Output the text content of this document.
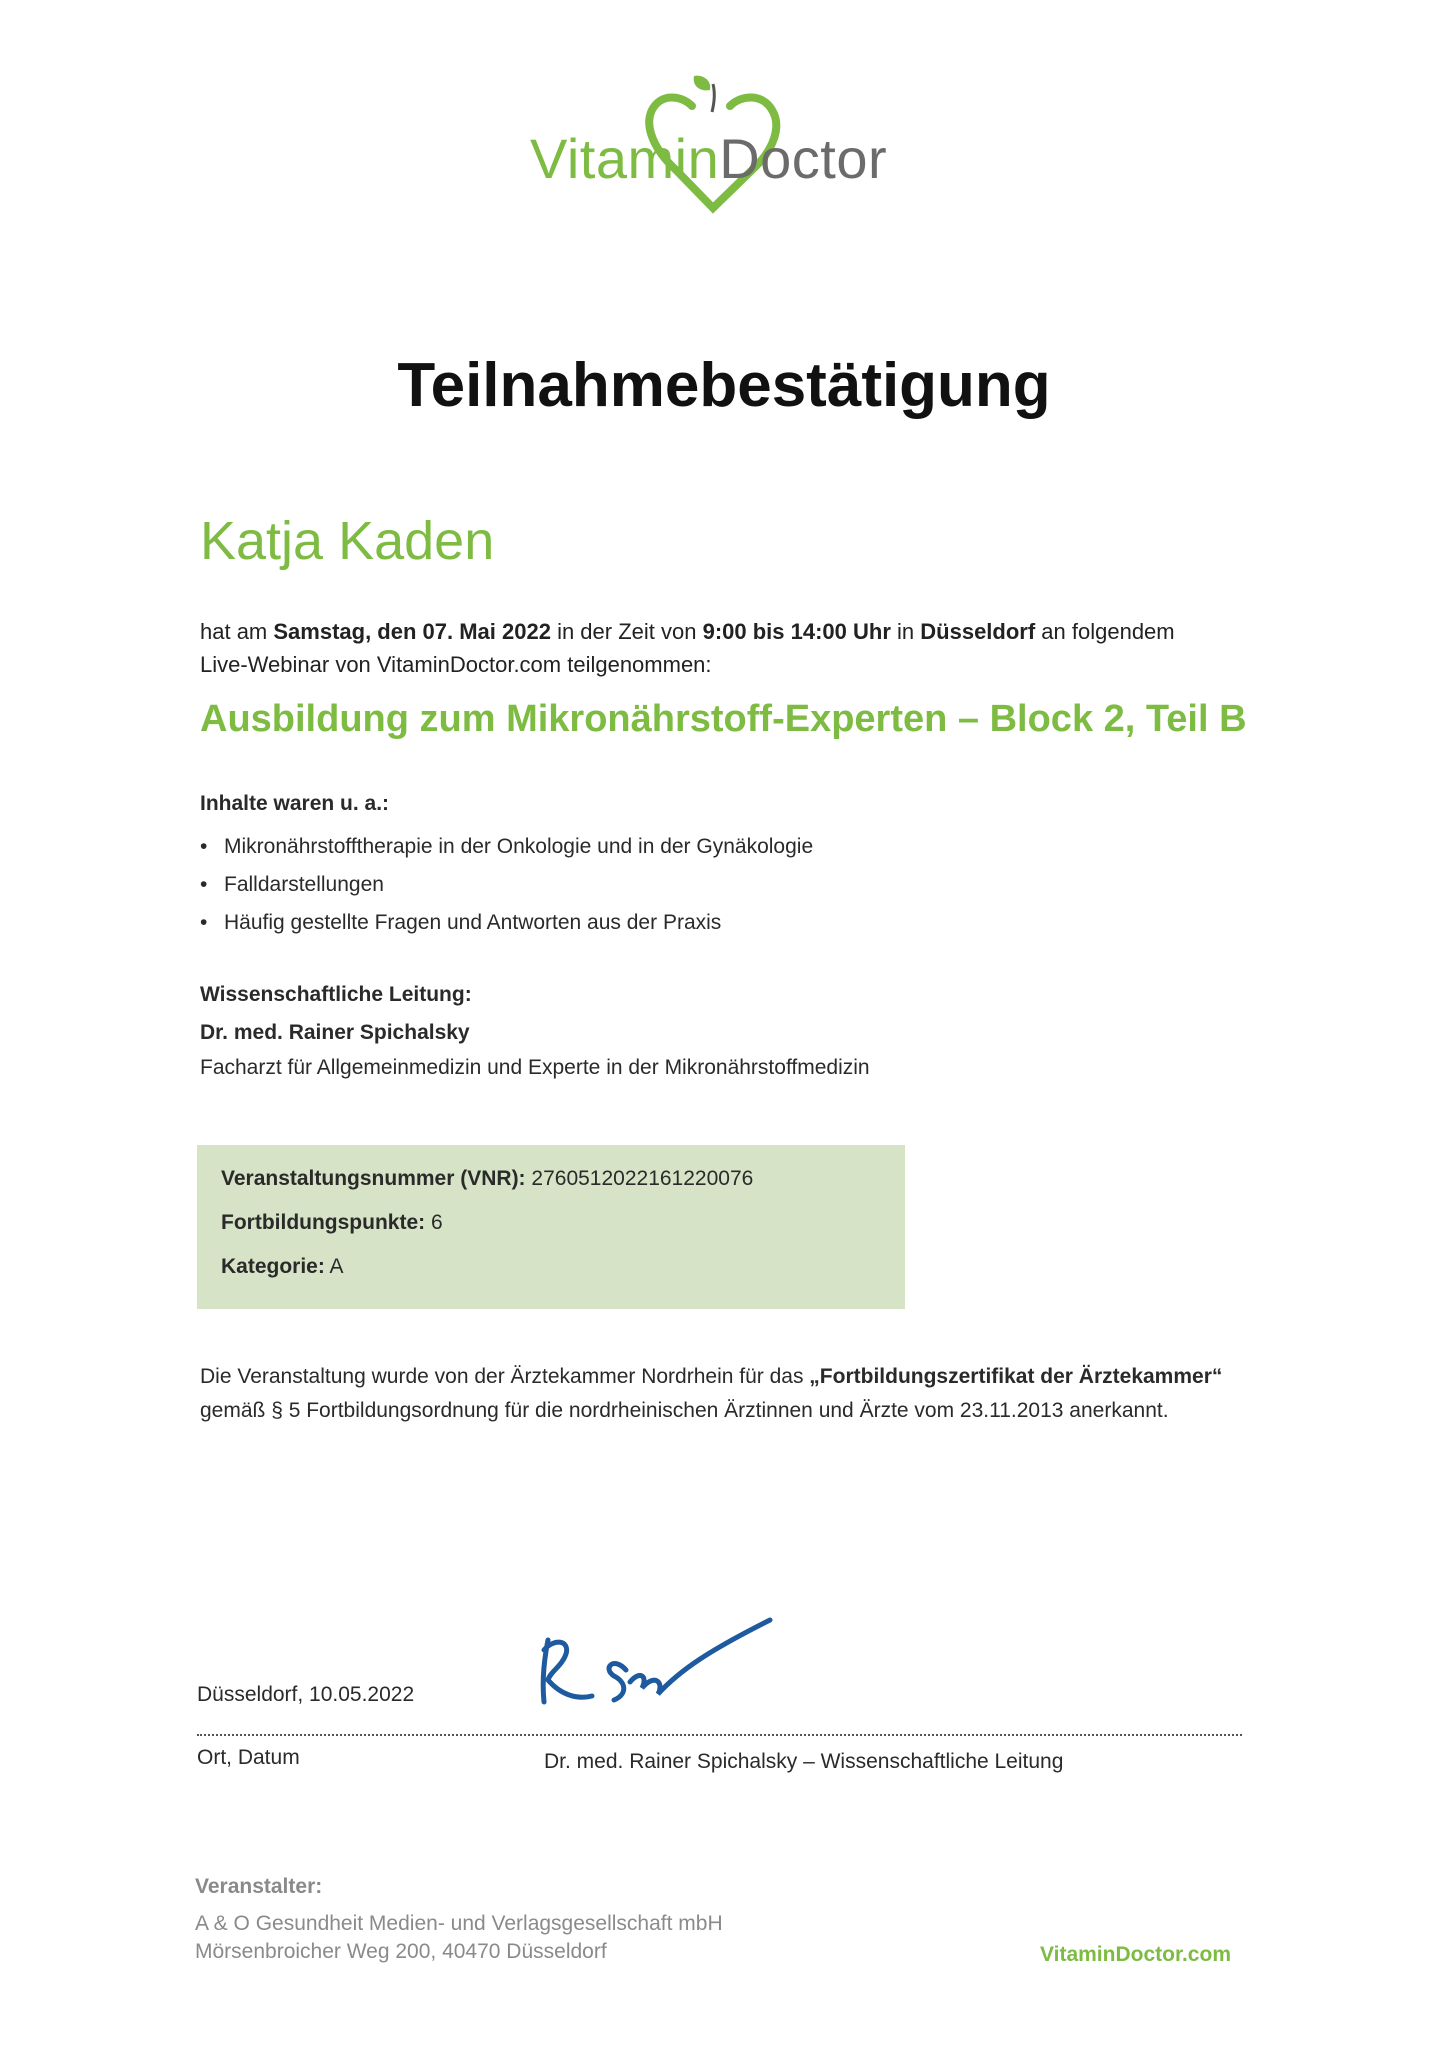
VitaminDoctor
Teilnahmebestätigung
Katja Kaden
hat am Samstag, den 07. Mai 2022 in der Zeit von 9:00 bis 14:00 Uhr in Düsseldorf an folgendem
Live-Webinar von VitaminDoctor.com teilgenommen:
Ausbildung zum Mikronährstoff-Experten – Block 2, Teil B
Inhalte waren u. a.:
• Mikronährstofftherapie in der Onkologie und in der Gynäkologie
• Falldarstellungen
• Häufig gestellte Fragen und Antworten aus der Praxis
Wissenschaftliche Leitung:
Dr. med. Rainer Spichalsky
Facharzt für Allgemeinmedizin und Experte in der Mikronährstoffmedizin
Veranstaltungsnummer (VNR): 2760512022161220076
Fortbildungspunkte: 6
Kategorie: A
Die Veranstaltung wurde von der Ärztekammer Nordrhein für das „Fortbildungszertifikat der Ärztekammer“
gemäß § 5 Fortbildungsordnung für die nordrheinischen Ärztinnen und Ärzte vom 23.11.2013 anerkannt.
Düsseldorf, 10.05.2022
Ort, Datum	Dr. med. Rainer Spichalsky – Wissenschaftliche Leitung
Veranstalter:
A & O Gesundheit Medien- und Verlagsgesellschaft mbH
Mörsenbroicher Weg 200, 40470 Düsseldorf	VitaminDoctor.com
